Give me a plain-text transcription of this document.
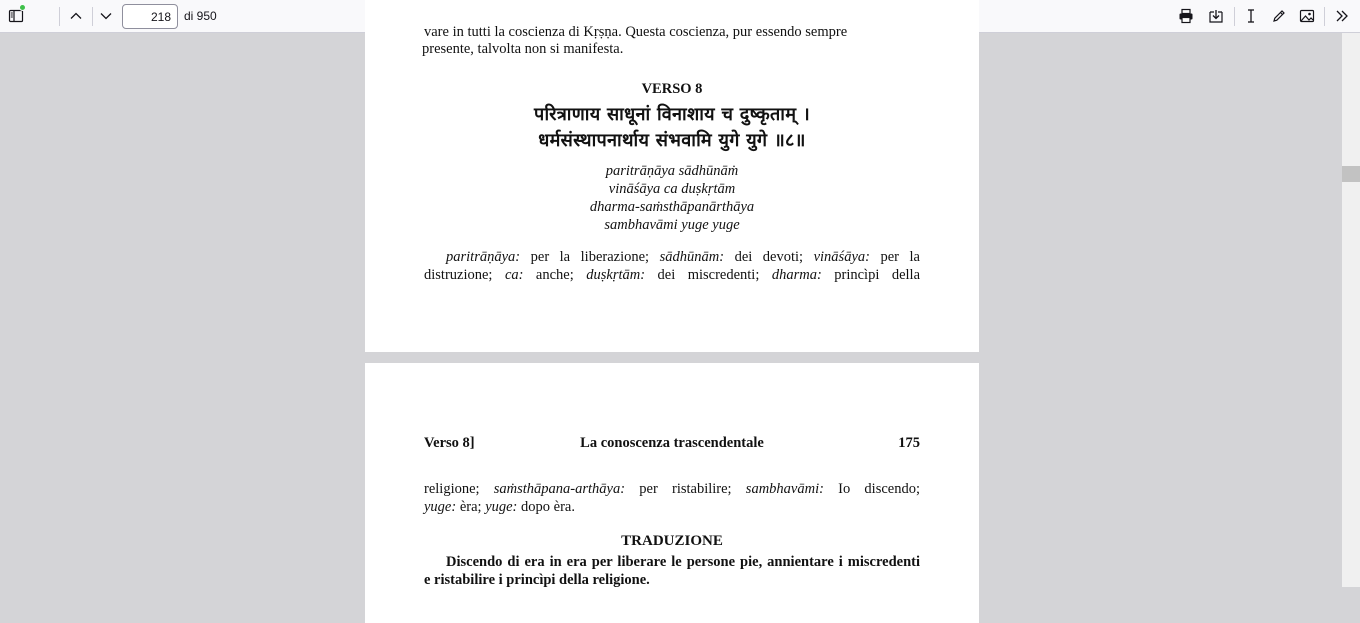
218
di 950
vare in tutti la coscienza di Kṛṣṇa. Questa coscienza, pur essendo sempre
presente, talvolta non si manifesta.
VERSO 8
परित्राणाय साधूनां विनाशाय च दुष्कृताम् ।
धर्मसंस्थापनार्थाय संभवामि युगे युगे ॥८॥
paritrāṇāya sādhūnāṁ
vināśāya ca duṣkṛtām
dharma-saṁsthāpanārthāya
sambhavāmi yuge yuge
paritrāṇāya: per la liberazione; sādhūnām: dei devoti; vināśāya: per la
distruzione; ca: anche; duṣkṛtām: dei miscredenti; dharma: princìpi della
Verso 8]	La conoscenza trascendentale	175
religione; saṁsthāpana-arthāya: per ristabilire; sambhavāmi: Io discendo;
yuge: èra; yuge: dopo èra.
TRADUZIONE
Discendo di era in era per liberare le persone pie, annientare i miscredenti
e ristabilire i princìpi della religione.
